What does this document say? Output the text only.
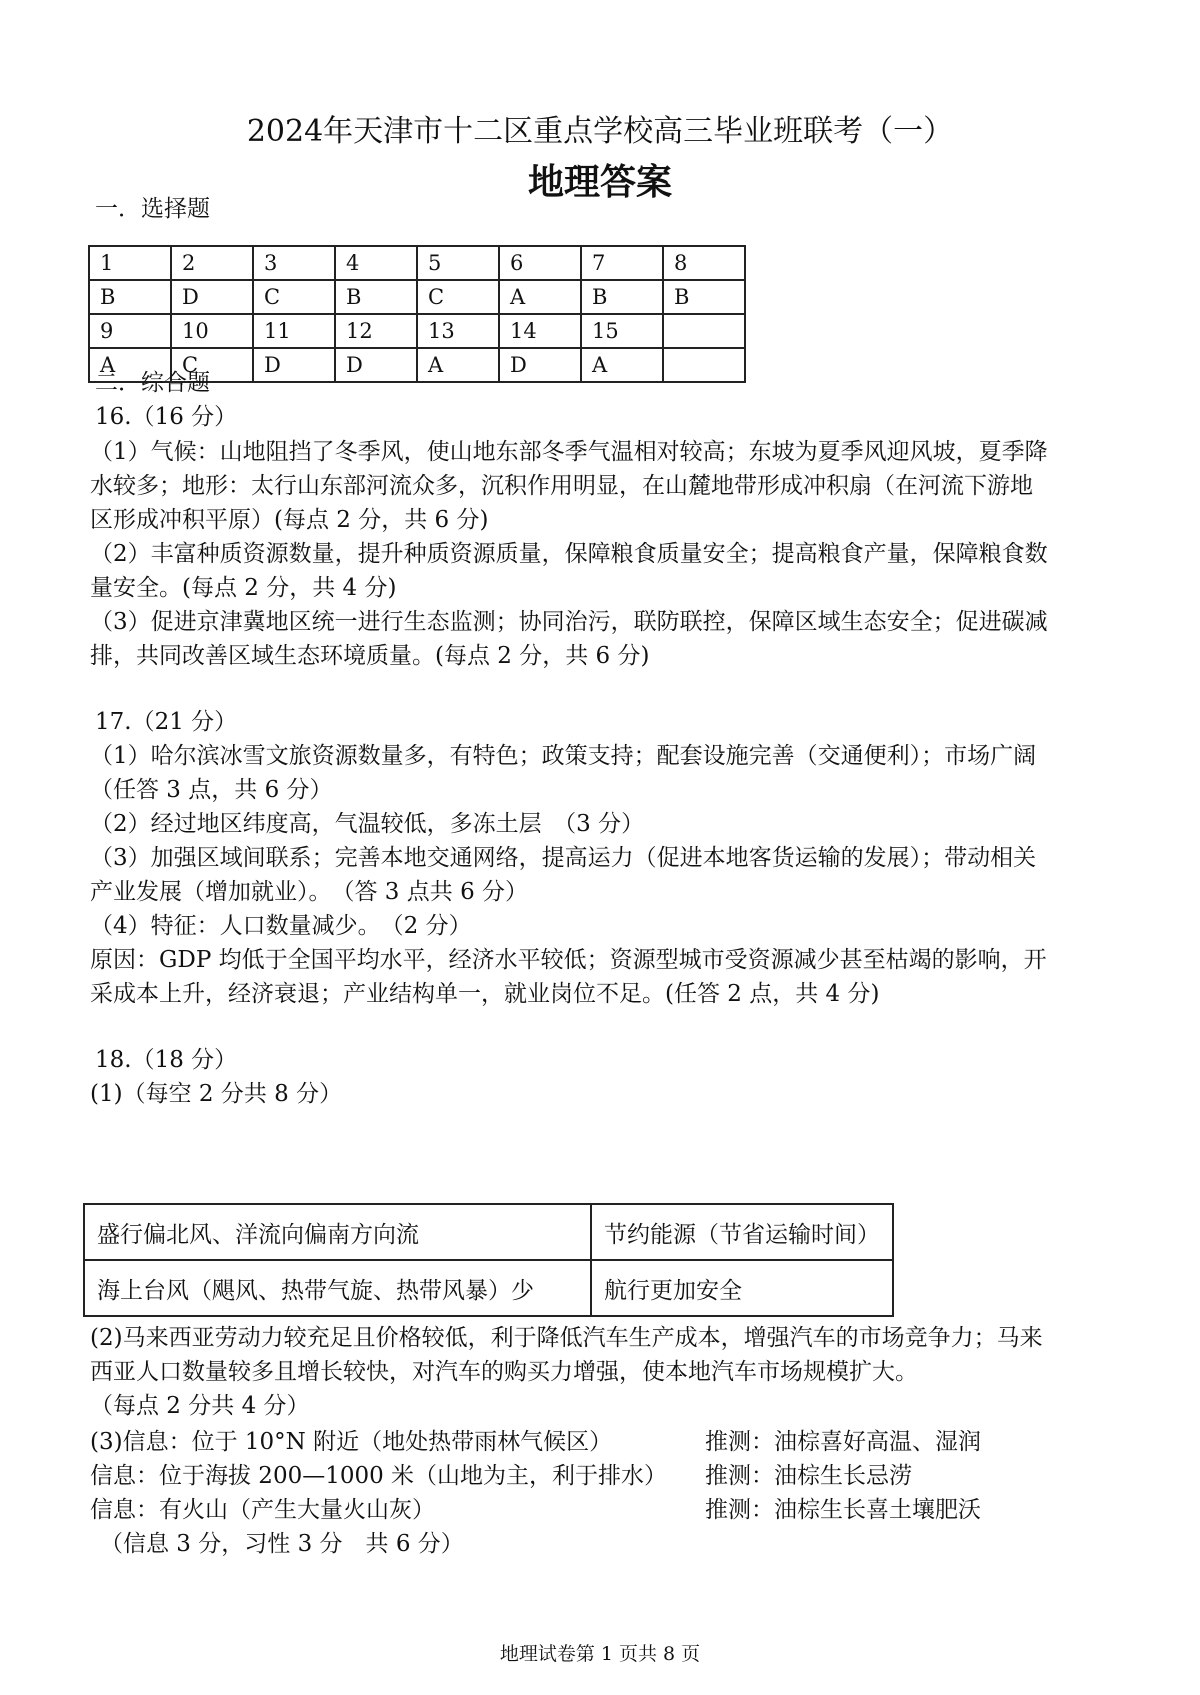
2024年天津市十二区重点学校高三毕业班联考（一）
地理答案
一．选择题
1	2	3	4	5	6	7	8
B	D	C	B	C	A	B	B
9	10	11	12	13	14	15	
A	C	D	D	A	D	A	
二．综合题
16.（16 分）
（1）气候：山地阻挡了冬季风，使山地东部冬季气温相对较高；东坡为夏季风迎风坡，夏季降
水较多；地形：太行山东部河流众多，沉积作用明显，在山麓地带形成冲积扇（在河流下游地
区形成冲积平原）(每点 2 分，共 6 分)
（2）丰富种质资源数量，提升种质资源质量，保障粮食质量安全；提高粮食产量，保障粮食数
量安全。(每点 2 分，共 4 分)
（3）促进京津冀地区统一进行生态监测；协同治污，联防联控，保障区域生态安全；促进碳减
排，共同改善区域生态环境质量。(每点 2 分，共 6 分)
17.（21 分）
（1）哈尔滨冰雪文旅资源数量多，有特色；政策支持；配套设施完善（交通便利）；市场广阔
（任答 3 点，共 6 分）
（2）经过地区纬度高，气温较低，多冻土层　（3 分）
（3）加强区域间联系；完善本地交通网络，提高运力（促进本地客货运输的发展）；带动相关
产业发展（增加就业）。　（答 3 点共 6 分）
（4）特征：人口数量减少。　（2 分）
原因：GDP 均低于全国平均水平，经济水平较低；资源型城市受资源减少甚至枯竭的影响，开
采成本上升，经济衰退；产业结构单一，就业岗位不足。(任答 2 点，共 4 分)
18.（18 分）
(1)（每空 2 分共 8 分）
盛行偏北风、洋流向偏南方向流	节约能源（节省运输时间）
海上台风（飓风、热带气旋、热带风暴）少	航行更加安全
(2)马来西亚劳动力较充足且价格较低，利于降低汽车生产成本，增强汽车的市场竞争力；马来
西亚人口数量较多且增长较快，对汽车的购买力增强，使本地汽车市场规模扩大。
（每点 2 分共 4 分）
(3)信息：位于 10°N 附近（地处热带雨林气候区）	推测：油棕喜好高温、湿润
信息：位于海拔 200—1000 米（山地为主，利于排水） 推测：油棕生长忌涝
信息：有火山（产生大量火山灰）	推测：油棕生长喜土壤肥沃
（信息 3 分，习性 3 分　共 6 分）
地理试卷第 1 页共 8 页
